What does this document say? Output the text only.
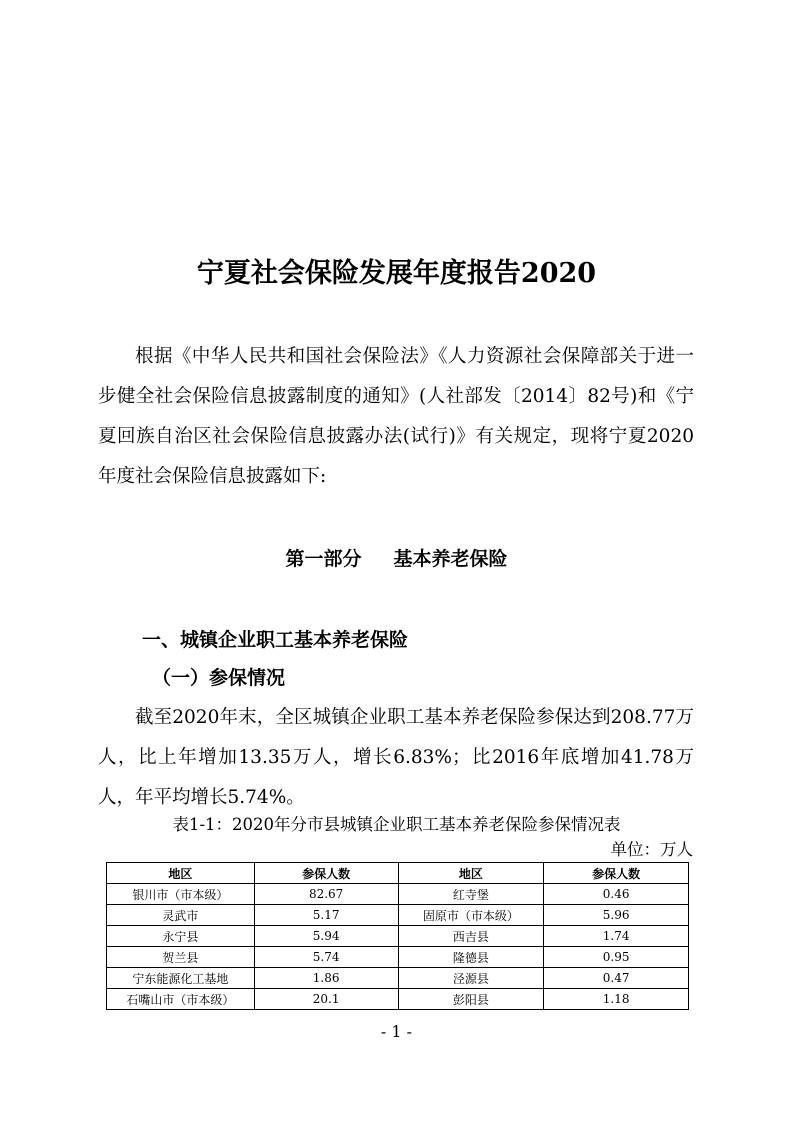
宁夏社会保险发展年度报告2020

根据《中华人民共和国社会保险法》《人力资源社会保障部关于进一步健全社会保险信息披露制度的通知》(人社部发〔2014〕82号)和《宁夏回族自治区社会保险信息披露办法(试行)》有关规定，现将宁夏2020年度社会保险信息披露如下:

第一部分 基本养老保险
一、城镇企业职工基本养老保险
（一）参保情况

截至2020年末，全区城镇企业职工基本养老保险参保达到208.77万人，比上年增加13.35万人，增长6.83%；比2016年底增加41.78万人，年平均增长5.74%。

表1-1：2020年分市县城镇企业职工基本养老保险参保情况表
单位：万人
地区	参保人数	地区	参保人数
银川市（市本级）	82.67	红寺堡	0.46
灵武市	5.17	固原市（市本级）	5.96
永宁县	5.94	西吉县	1.74
贺兰县	5.74	隆德县	0.95
宁东能源化工基地	1.86	泾源县	0.47
石嘴山市（市本级）	20.1	彭阳县	1.18
- 1 -
